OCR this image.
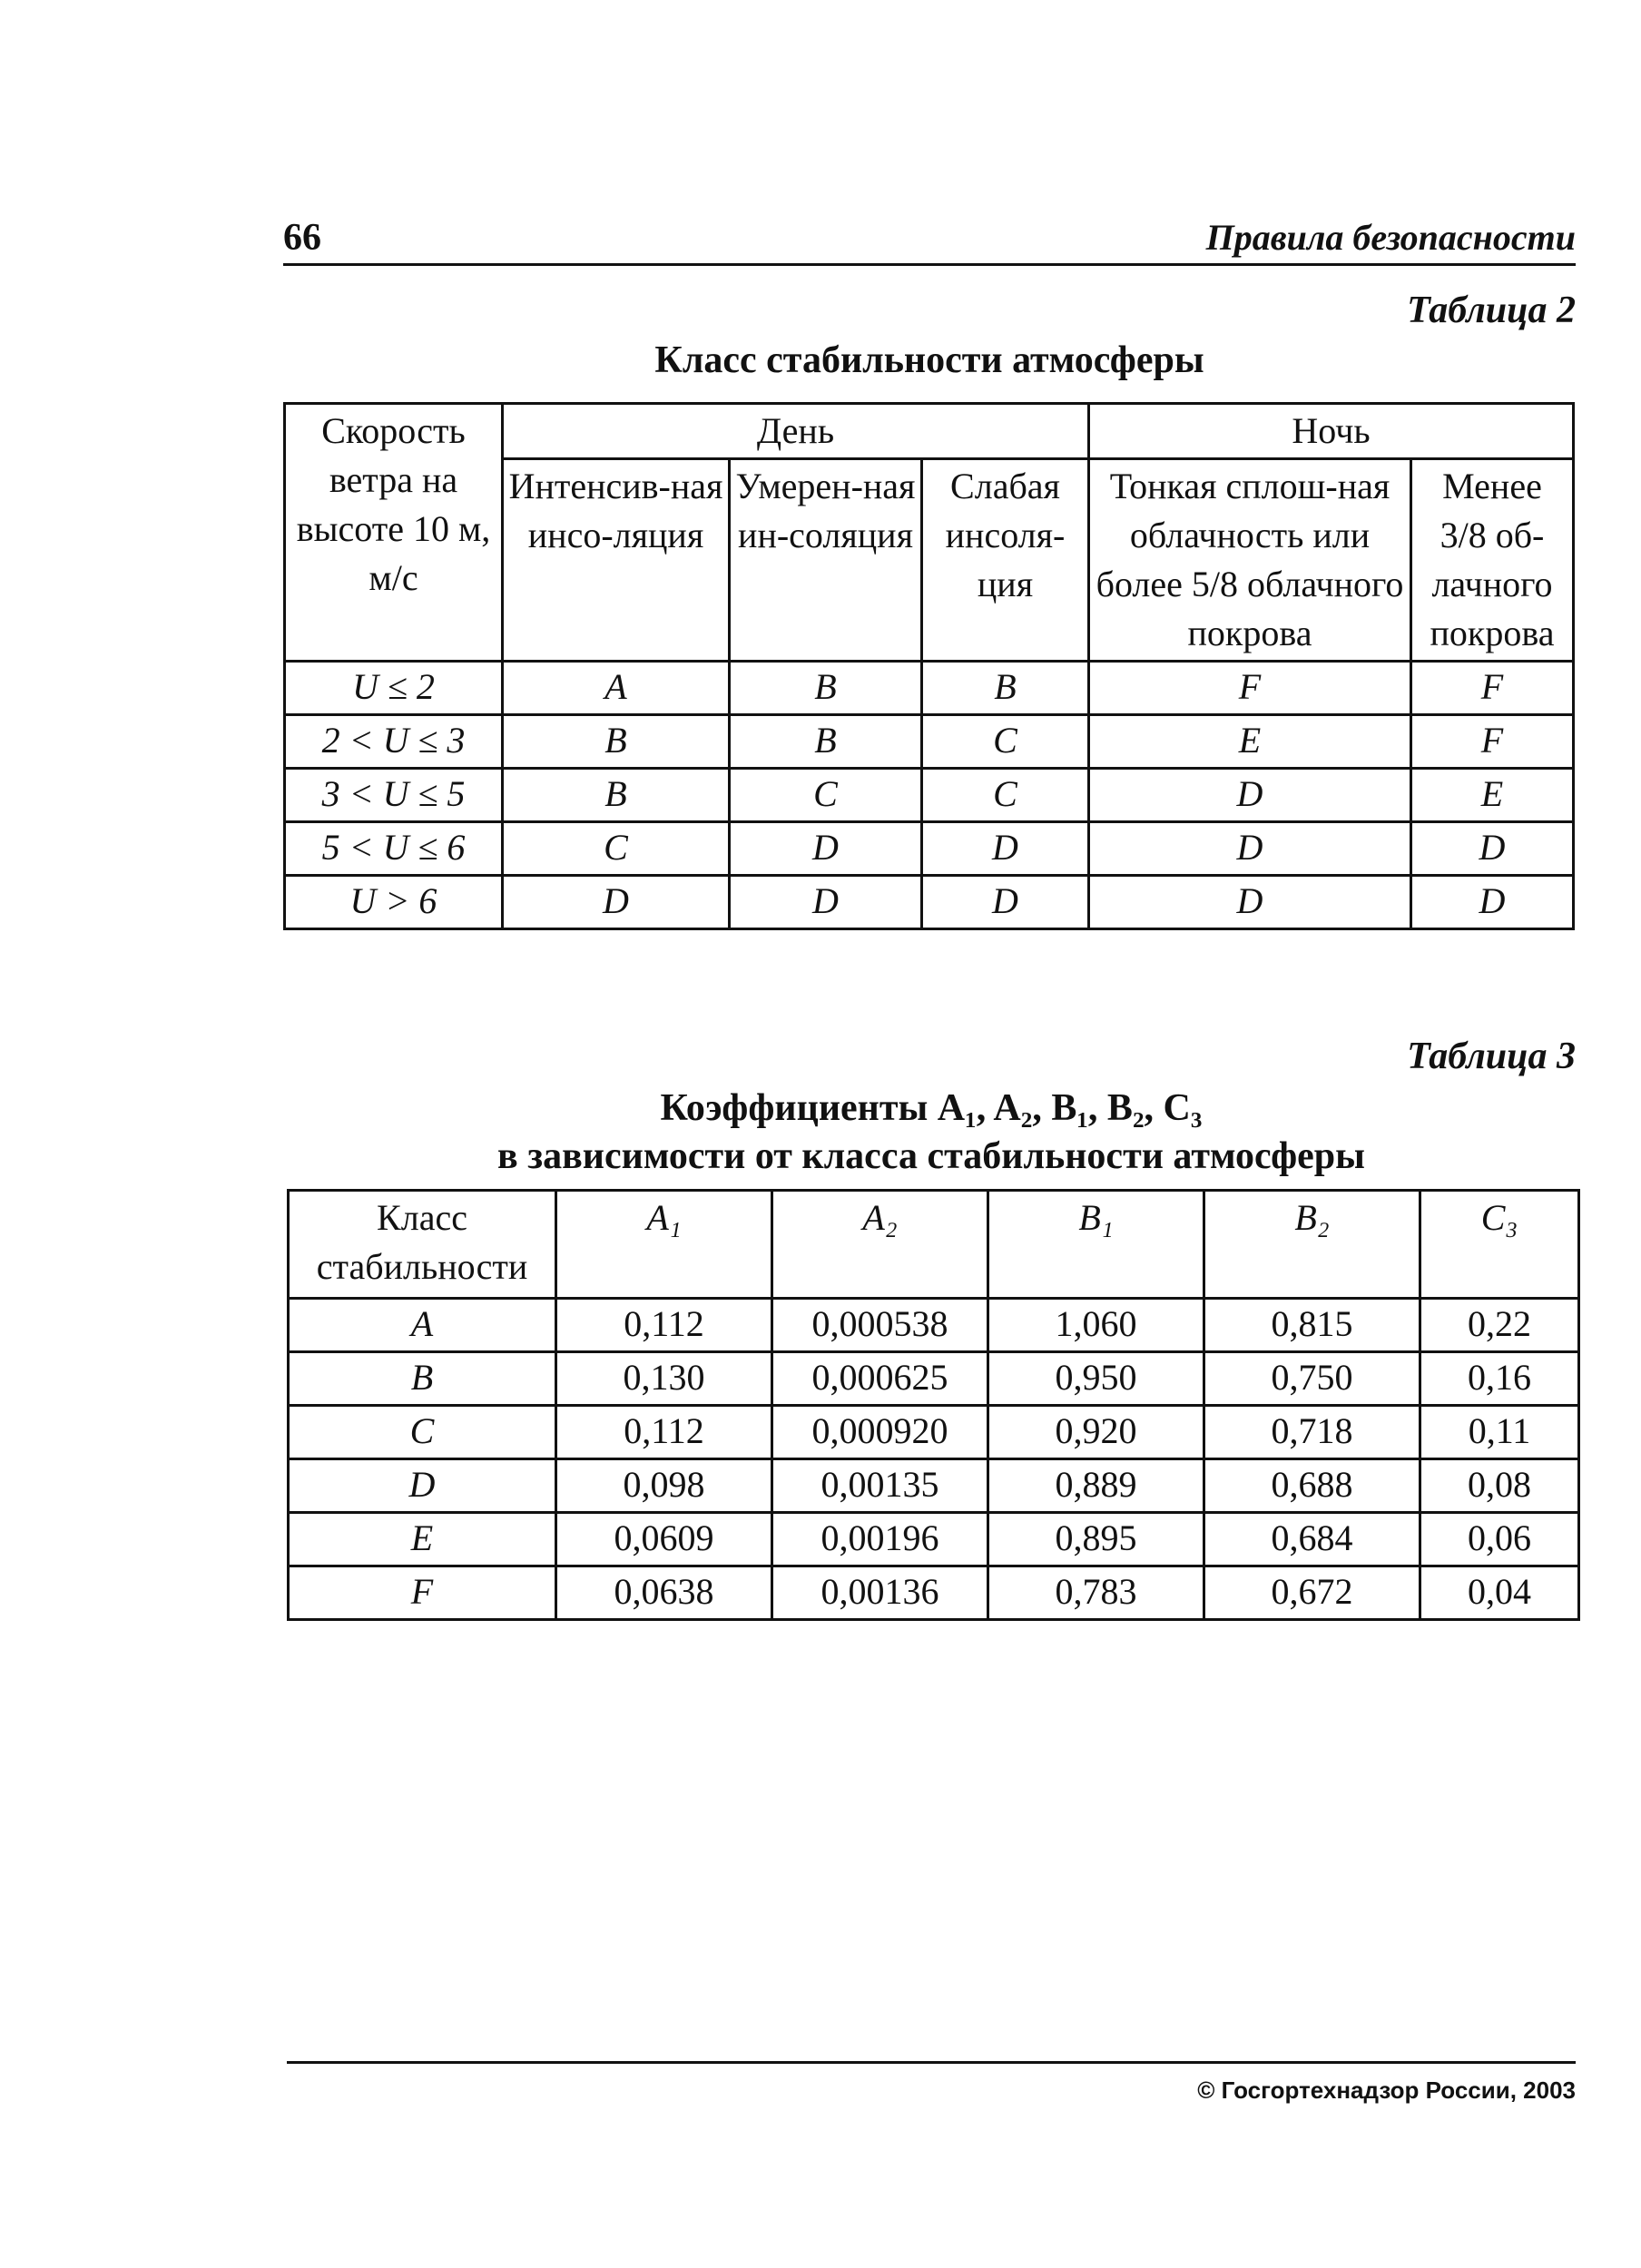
66	Правила безопасности
Таблица 2
Класс стабильности атмосферы
Скорость ветра на высоте 10 м, м/с	День			Ночь	
	Интенсив-ная инсо-ляция	Умерен-ная ин-соляция	Слабая инсоля-ция	Тонкая сплош-ная облачность или более 5/8 облачного покрова	Менее 3/8 об-лачного покрова
U ≤ 2	A	B	B	F	F
2 < U ≤ 3	B	B	C	E	F
3 < U ≤ 5	B	C	C	D	E
5 < U ≤ 6	C	D	D	D	D
U > 6	D	D	D	D	D
Таблица 3
Коэффициенты A₁, A₂, B₁, B₂, C₃
в зависимости от класса стабильности атмосферы
Класс стабильности	A₁	A₂	B₁	B₂	C₃
A	0,112	0,000538	1,060	0,815	0,22
B	0,130	0,000625	0,950	0,750	0,16
C	0,112	0,000920	0,920	0,718	0,11
D	0,098	0,00135	0,889	0,688	0,08
E	0,0609	0,00196	0,895	0,684	0,06
F	0,0638	0,00136	0,783	0,672	0,04
© Госгортехнадзор России, 2003
